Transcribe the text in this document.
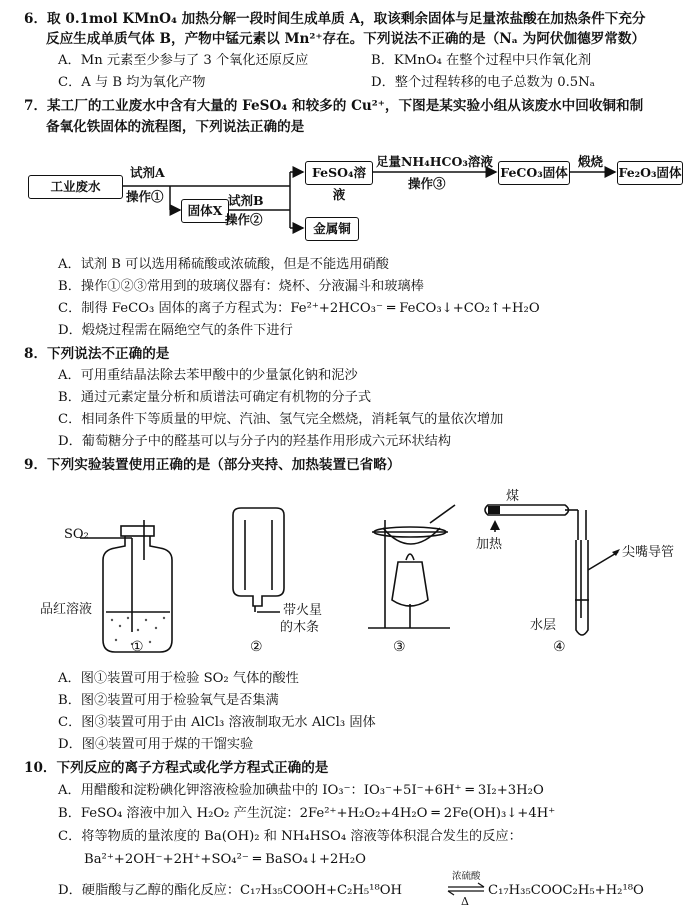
6．取 0.1mol KMnO₄ 加热分解一段时间生成单质 A，取该剩余固体与足量浓盐酸在加热条件下充分
反应生成单质气体 B，产物中锰元素以 Mn²⁺存在。下列说法不正确的是（Nₐ 为阿伏伽德罗常数）
A．Mn 元素至少参与了 3 个氧化还原反应	B．KMnO₄ 在整个过程中只作氧化剂
C．A 与 B 均为氧化产物	D．整个过程转移的电子总数为 0.5Nₐ
7．某工厂的工业废水中含有大量的 FeSO₄ 和较多的 Cu²⁺，下图是某实验小组从该废水中回收铜和制
备氧化铁固体的流程图，下列说法正确的是
工业废水
试剂A
操作①
固体X
试剂B
操作②
FeSO₄溶液
金属铜
足量NH₄HCO₃溶液
操作③
FeCO₃固体
煅烧
Fe₂O₃固体
A．试剂 B 可以选用稀硫酸或浓硫酸，但是不能选用硝酸
B．操作①②③常用到的玻璃仪器有：烧杯、分液漏斗和玻璃棒
C．制得 FeCO₃ 固体的离子方程式为：Fe²⁺+2HCO₃⁻ ═ FeCO₃↓+CO₂↑+H₂O
D．煅烧过程需在隔绝空气的条件下进行
8．下列说法不正确的是
A．可用重结晶法除去苯甲酸中的少量氯化钠和泥沙
B．通过元素定量分析和质谱法可确定有机物的分子式
C．相同条件下等质量的甲烷、汽油、氢气完全燃烧，消耗氧气的量依次增加
D．葡萄糖分子中的醛基可以与分子内的羟基作用形成六元环状结构
9．下列实验装置使用正确的是（部分夹持、加热装置已省略）
SO₂
品红溶液	带火星
的木条
煤
加热
尖嘴导管
水层
①	②	③	④
A．图①装置可用于检验 SO₂ 气体的酸性
B．图②装置可用于检验氧气是否集满
C．图③装置可用于由 AlCl₃ 溶液制取无水 AlCl₃ 固体
D．图④装置可用于煤的干馏实验
10．下列反应的离子方程式或化学方程式正确的是
A．用醋酸和淀粉碘化钾溶液检验加碘盐中的 IO₃⁻：IO₃⁻+5I⁻+6H⁺ ═ 3I₂+3H₂O
B．FeSO₄ 溶液中加入 H₂O₂ 产生沉淀：2Fe²⁺+H₂O₂+4H₂O ═ 2Fe(OH)₃↓+4H⁺
C．将等物质的量浓度的 Ba(OH)₂ 和 NH₄HSO₄ 溶液等体积混合发生的反应：
Ba²⁺+2OH⁻+2H⁺+SO₄²⁻ ═ BaSO₄↓+2H₂O
D．硬脂酸与乙醇的酯化反应：C₁₇H₃₅COOH+C₂H₅¹⁸OH
浓硫酸
Δ
C₁₇H₃₅COOC₂H₅+H₂¹⁸O
